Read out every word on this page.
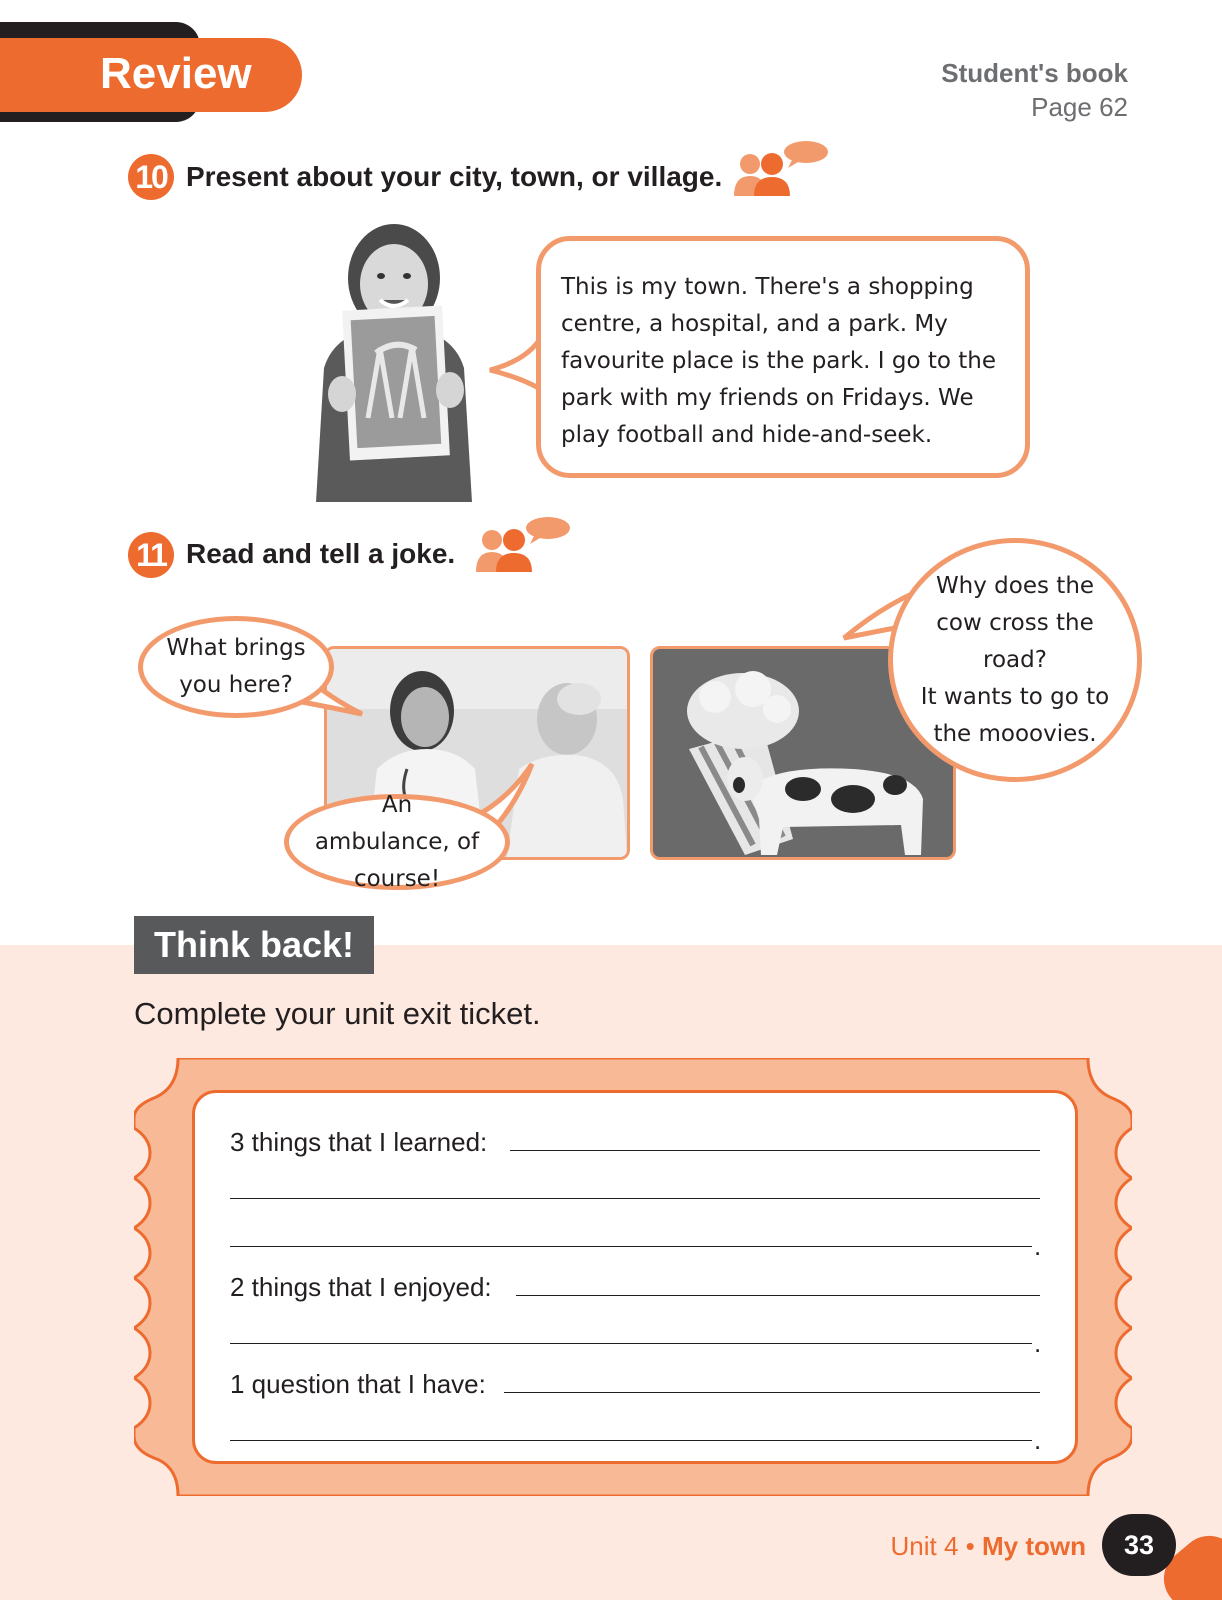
Review	Student's book
Page 62
10 Present about your city, town, or village.
This is my town. There's a shopping centre, a hospital, and a park. My favourite place is the park. I go to the park with my friends on Fridays. We play football and hide-and-seek.
11 Read and tell a joke.
What brings you here?
An ambulance, of course!
Why does the cow cross the road?
It wants to go to the mooovies.
Think back!
Complete your unit exit ticket.
3 things that I learned:
.
2 things that I enjoyed:
.
1 question that I have:
.
Unit 4 • My town	33
